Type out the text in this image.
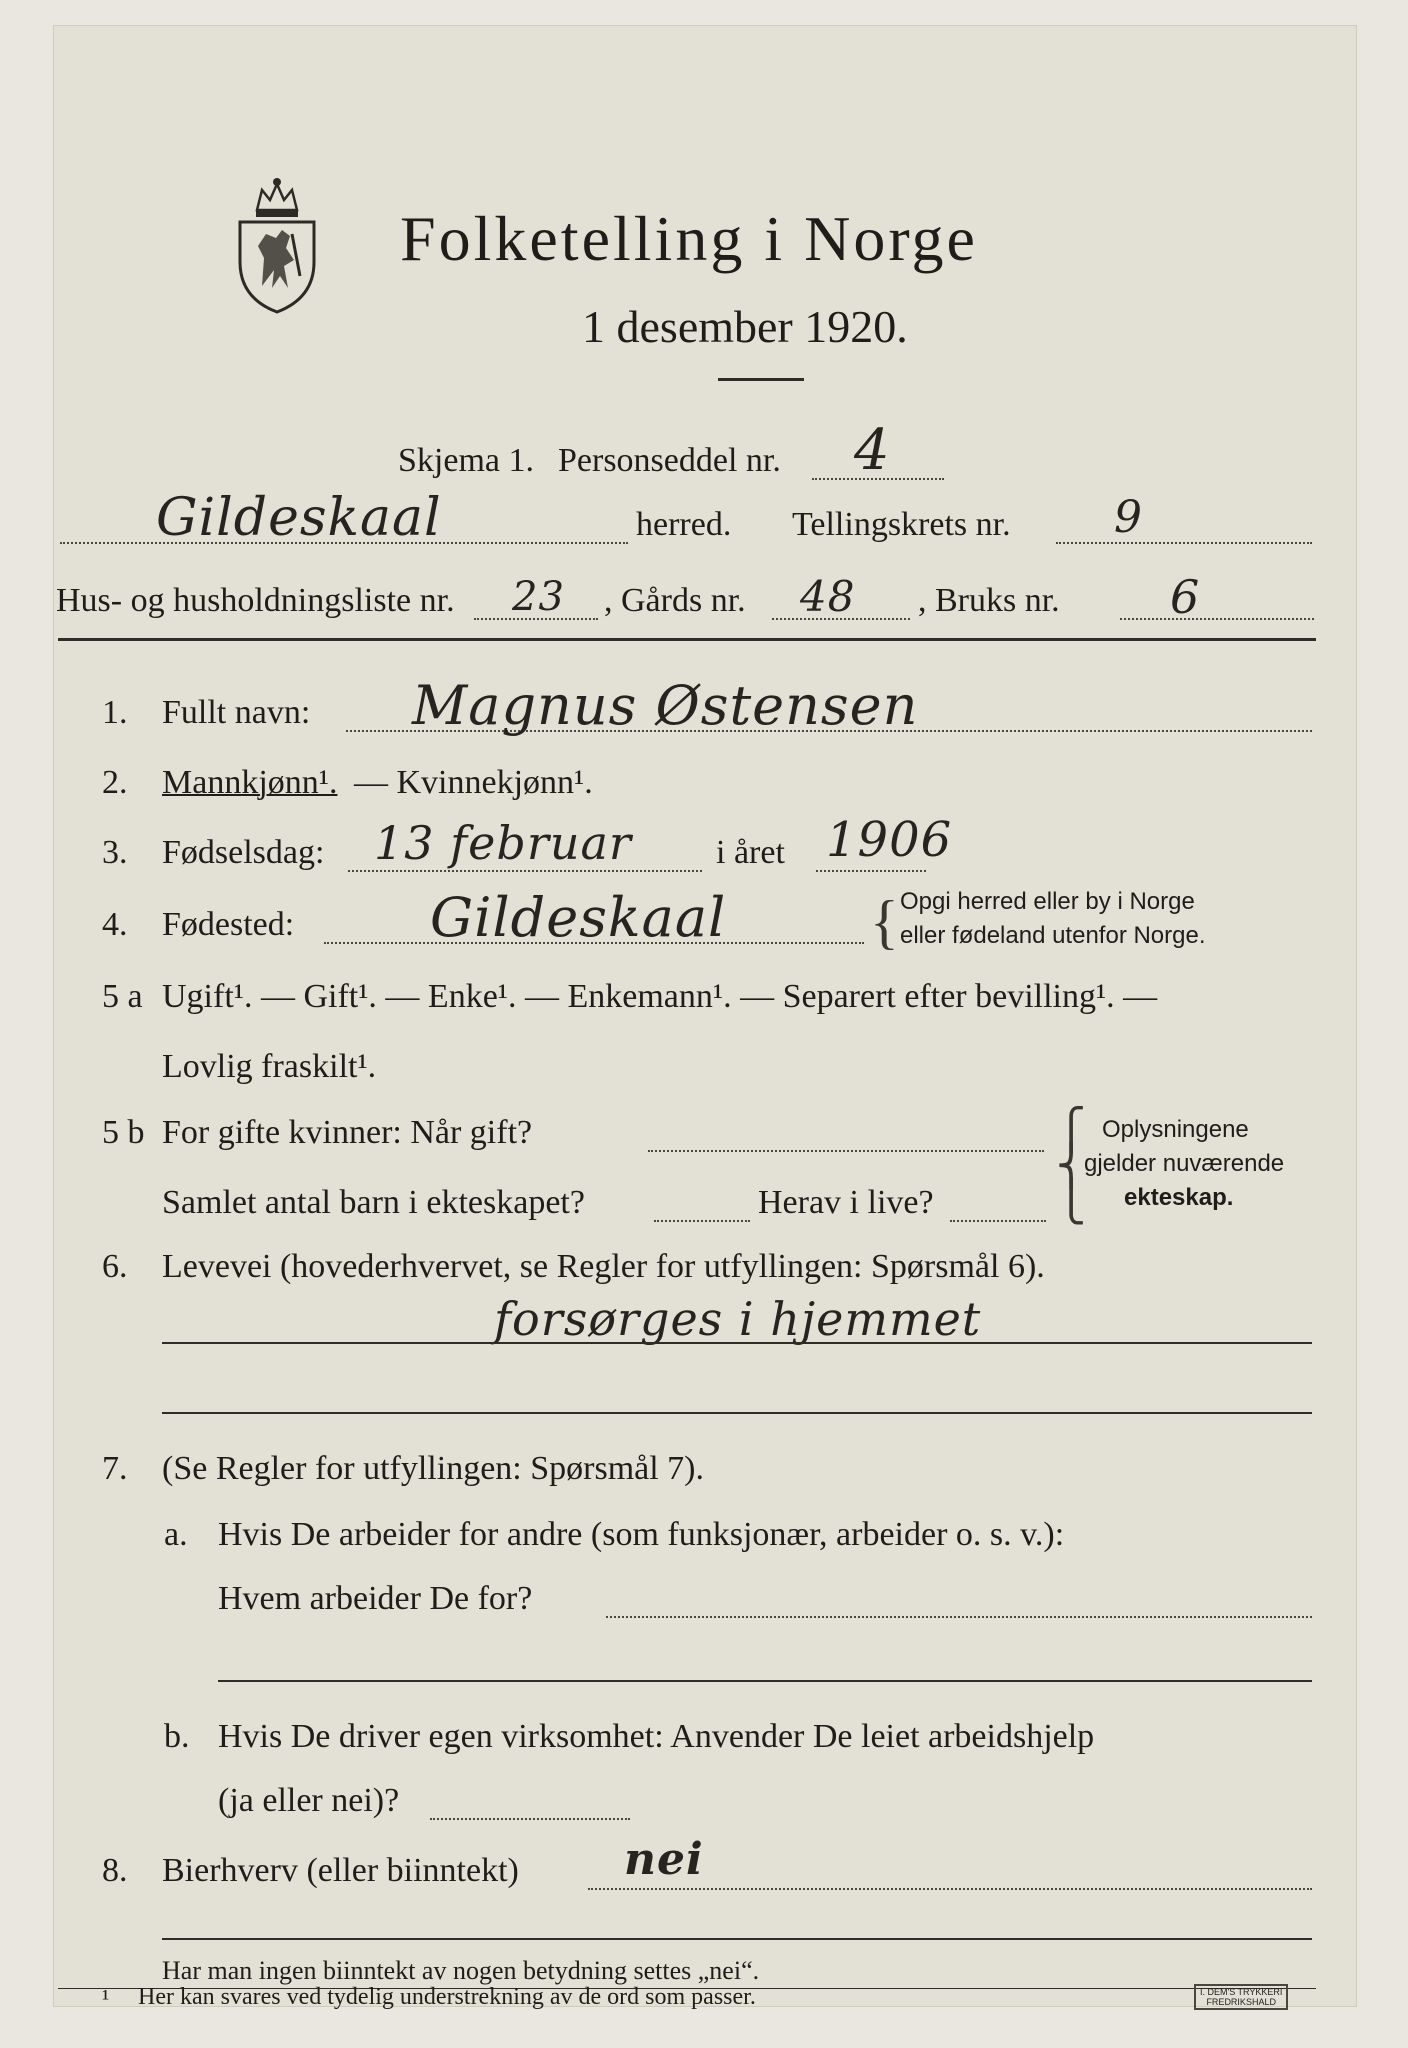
Folketelling i Norge
1 desember 1920.
Skjema 1. Personseddel nr. 4
Gildeskaal	herred. Tellingskrets nr. 9
Hus- og husholdningsliste nr. 23 , Gårds nr. 48 , Bruks nr. 6
1. Fullt navn: Magnus Østensen
2. Mannkjønn¹. — Kvinnekjønn¹.
3. Fødselsdag: 13 februar i året 1906
4. Fødested:	Gildeskaal { Opgi herred eller by i Norge
eller fødeland utenfor Norge.
5 a Ugift¹. — Gift¹. — Enke¹. — Enkemann¹. — Separert efter bevilling¹. —
Lovlig fraskilt¹.
5 b For gifte kvinner: Når gift?
Samlet antal barn i ekteskapet?	Herav i live?
⎧
⎨
⎩
Oplysningene
gjelder nuværende
ekteskap.
6. Levevei (hovederhvervet, se Regler for utfyllingen: Spørsmål 6).
forsørges i hjemmet
7. (Se Regler for utfyllingen: Spørsmål 7).
a. Hvis De arbeider for andre (som funksjonær, arbeider o. s. v.):
Hvem arbeider De for?
b. Hvis De driver egen virksomhet: Anvender De leiet arbeidshjelp
(ja eller nei)?
8. Bierhverv (eller biinntekt) nei
Har man ingen biinntekt av nogen betydning settes „nei“.
¹ Her kan svares ved tydelig understrekning av de ord som passer.	I. DEM'S TRYKKERI
FREDRIKSHALD
